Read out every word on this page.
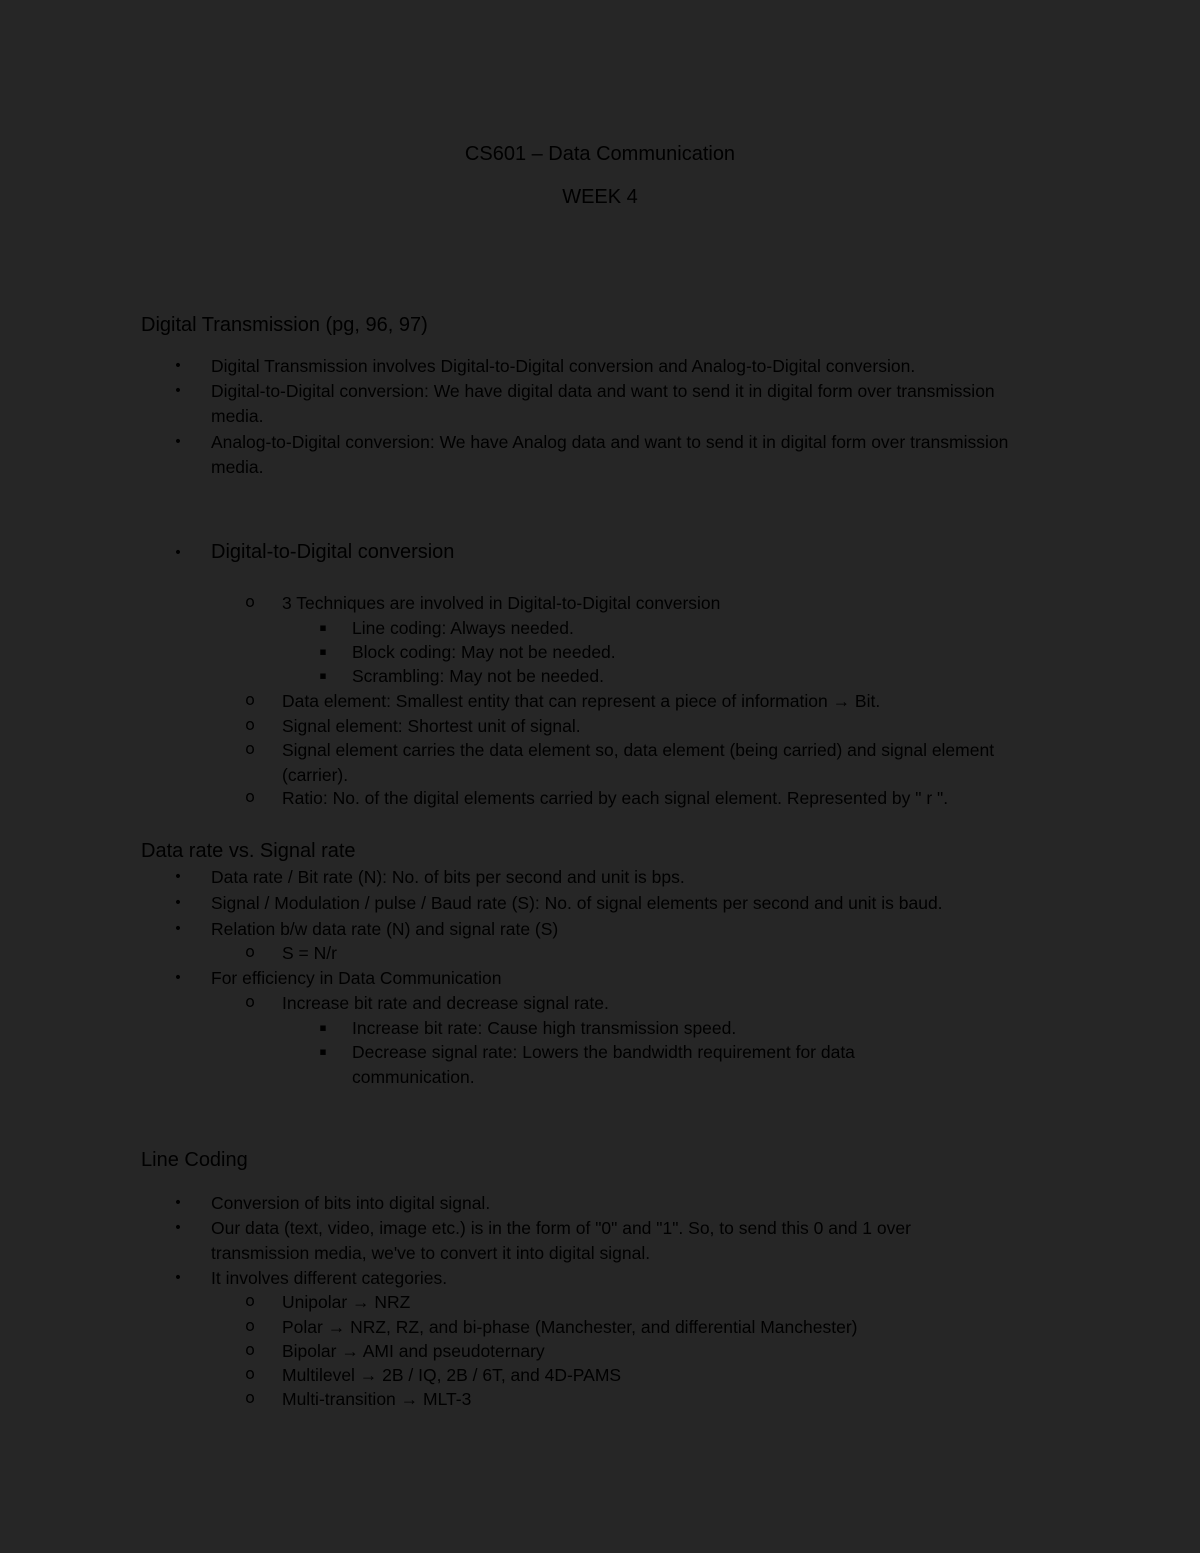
CS601 – Data Communication
WEEK 4
Digital Transmission (pg, 96, 97)
• Digital Transmission involves Digital-to-Digital conversion and Analog-to-Digital conversion.
• Digital-to-Digital conversion: We have digital data and want to send it in digital form over transmission media.
• Analog-to-Digital conversion: We have Analog data and want to send it in digital form over transmission media.
• Digital-to-Digital conversion
o 3 Techniques are involved in Digital-to-Digital conversion
▪ Line coding: Always needed.
▪ Block coding: May not be needed.
▪ Scrambling: May not be needed.
o Data element: Smallest entity that can represent a piece of information → Bit.
o Signal element: Shortest unit of signal.
o Signal element carries the data element so, data element (being carried) and signal element (carrier).
o Ratio: No. of the digital elements carried by each signal element. Represented by " r ".
Data rate vs. Signal rate
• Data rate / Bit rate (N): No. of bits per second and unit is bps.
• Signal / Modulation / pulse / Baud rate (S): No. of signal elements per second and unit is baud.
• Relation b/w data rate (N) and signal rate (S)
o S = N/r
• For efficiency in Data Communication
o Increase bit rate and decrease signal rate.
▪ Increase bit rate: Cause high transmission speed.
▪ Decrease signal rate: Lowers the bandwidth requirement for data communication.
Line Coding
• Conversion of bits into digital signal.
• Our data (text, video, image etc.) is in the form of "0" and "1". So, to send this 0 and 1 over transmission media, we've to convert it into digital signal.
• It involves different categories.
o Unipolar → NRZ
o Polar → NRZ, RZ, and bi-phase (Manchester, and differential Manchester)
o Bipolar → AMI and pseudoternary
o Multilevel → 2B / IQ, 2B / 6T, and 4D-PAMS
o Multi-transition → MLT-3
